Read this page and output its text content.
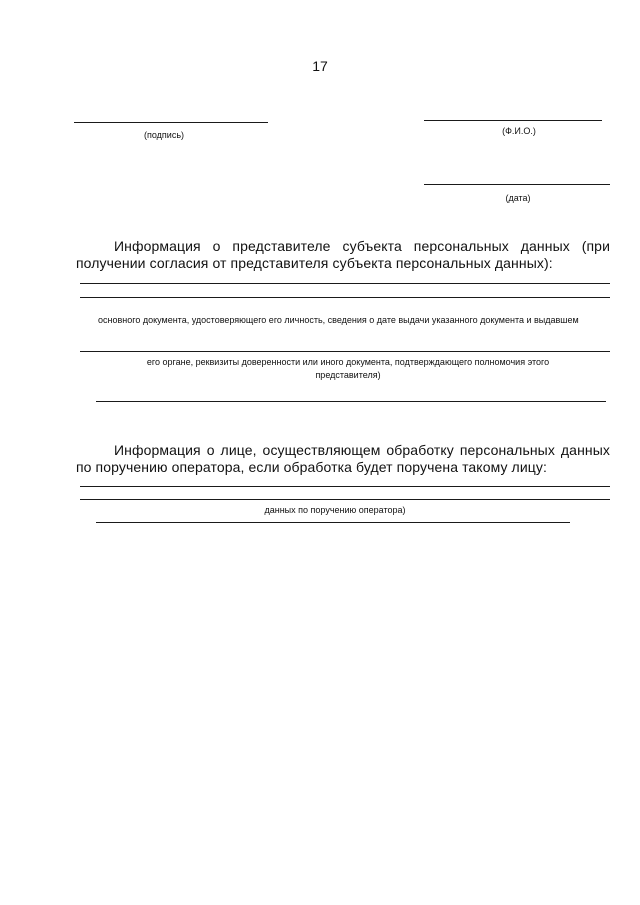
17
(подпись)	(Ф.И.О.)
(дата)
Информация о представителе субъекта персональных данных (при получении согласия от представителя субъекта персональных данных):
основного документа, удостоверяющего его личность, сведения о дате выдачи указанного документа и выдавшем
его органе, реквизиты доверенности или иного документа, подтверждающего полномочия этого
представителя)
Информация о лице, осуществляющем обработку персональных данных по поручению оператора, если обработка будет поручена такому лицу:
данных по поручению оператора)
